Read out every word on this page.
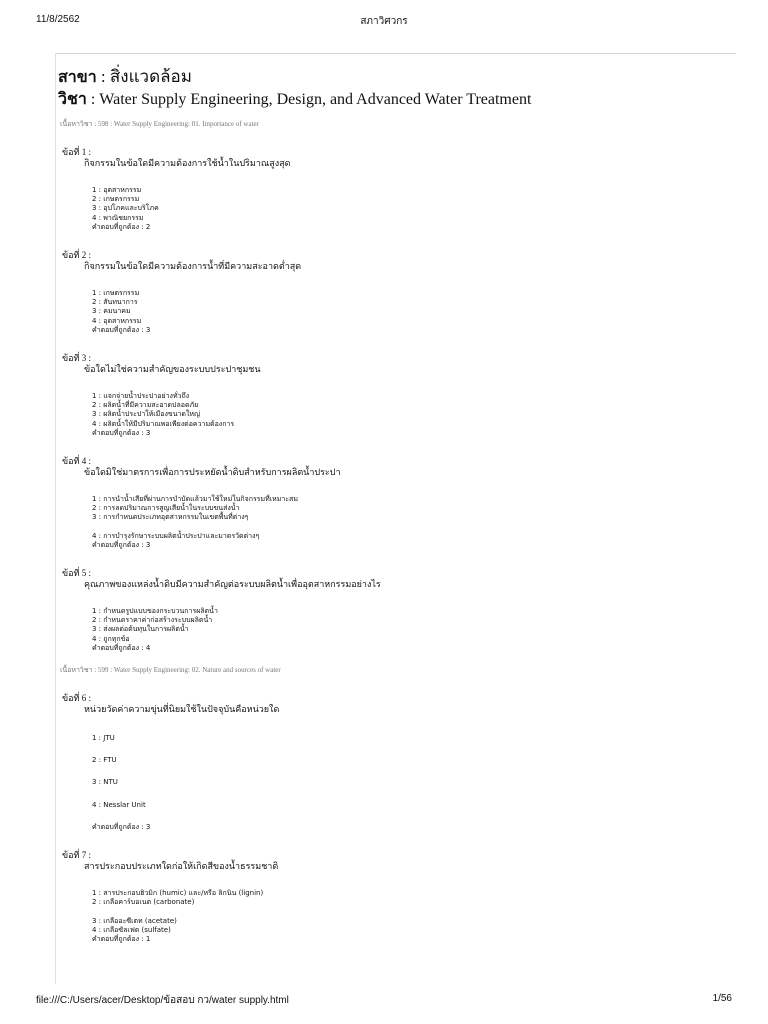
11/8/2562	สภาวิศวกร
สาขา : สิ่งแวดล้อม
วิชา : Water Supply Engineering, Design, and Advanced Water Treatment
เนื้อหาวิชา : 598 : Water Supply Engineering: 01. Importance of water
ข้อที่ 1 :
กิจกรรมในข้อใดมีความต้องการใช้น้ำในปริมาณสูงสุด
1 : อุตสาหกรรม
2 : เกษตรกรรม
3 : อุปโภคและบริโภค
4 : พาณิชยกรรม
คำตอบที่ถูกต้อง : 2
ข้อที่ 2 :
กิจกรรมในข้อใดมีความต้องการน้ำที่มีความสะอาดต่ำสุด
1 : เกษตรกรรม
2 : สันทนาการ
3 : คมนาคม
4 : อุตสาหกรรม
คำตอบที่ถูกต้อง : 3
ข้อที่ 3 :
ข้อใดไม่ใช่ความสำคัญของระบบประปาชุมชน
1 : แจกจ่ายน้ำประปาอย่างทั่วถึง
2 : ผลิตน้ำที่มีความสะอาดปลอดภัย
3 : ผลิตน้ำประปาให้เมืองขนาดใหญ่
4 : ผลิตน้ำให้มีปริมาณพอเพียงต่อความต้องการ
คำตอบที่ถูกต้อง : 3
ข้อที่ 4 :
ข้อใดมิใช่มาตรการเพื่อการประหยัดน้ำดิบสำหรับการผลิตน้ำประปา
1 : การนำน้ำเสียที่ผ่านการบำบัดแล้วมาใช้ใหม่ในกิจกรรมที่เหมาะสม
2 : การลดปริมาณการสูญเสียน้ำในระบบขนส่งน้ำ
3 : การกำหนดประเภทอุตสาหกรรมในเขตพื้นที่ต่างๆ
4 : การบำรุงรักษาระบบผลิตน้ำประปาและมาตรวัดต่างๆ
คำตอบที่ถูกต้อง : 3
ข้อที่ 5 :
คุณภาพของแหล่งน้ำดิบมีความสำคัญต่อระบบผลิตน้ำเพื่ออุตสาหกรรมอย่างไร
1 : กำหนดรูปแบบของกระบวนการผลิตน้ำ
2 : กำหนดราคาค่าก่อสร้างระบบผลิตน้ำ
3 : ส่งผลต่อต้นทุนในการผลิตน้ำ
4 : ถูกทุกข้อ
คำตอบที่ถูกต้อง : 4
เนื้อหาวิชา : 599 : Water Supply Engineering: 02. Nature and sources of water
ข้อที่ 6 :
หน่วยวัดค่าความขุ่นที่นิยมใช้ในปัจจุบันคือหน่วยใด
1 : JTU
2 : FTU
3 : NTU
4 : Nesslar Unit
คำตอบที่ถูกต้อง : 3
ข้อที่ 7 :
สารประกอบประเภทใดก่อให้เกิดสีของน้ำธรรมชาติ
1 : สารประกอบฮิวมิก (humic) และ/หรือ ลิกนิน (lignin)
2 : เกลือคาร์บอเนต (carbonate)
3 : เกลืออะซีเตท (acetate)
4 : เกลือซัลเฟต (sulfate)
คำตอบที่ถูกต้อง : 1
file:///C:/Users/acer/Desktop/ข้อสอบ กว/water supply.html	1/56
